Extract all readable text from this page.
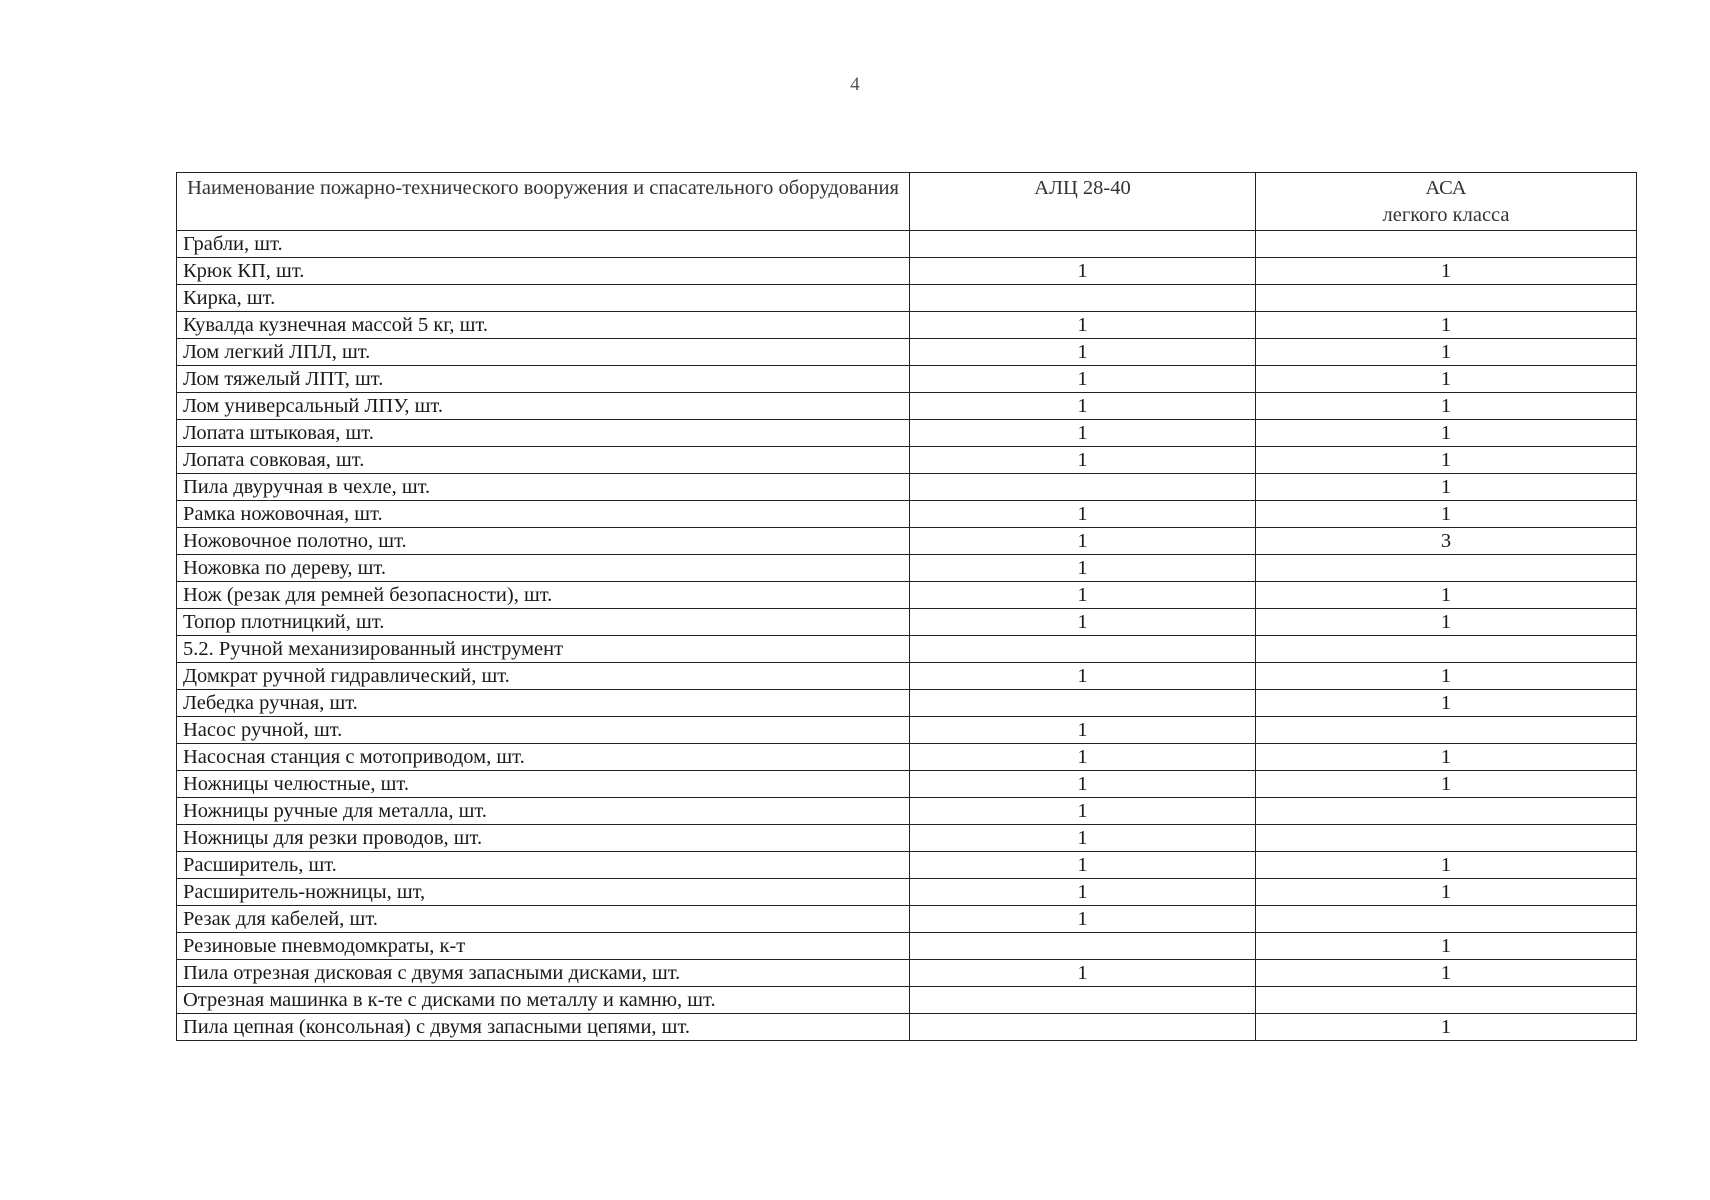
4
Наименование пожарно-технического вооружения и спасательного оборудования	АЛЦ 28-40	АСА
легкого класса

Грабли, шт.		
Крюк КП, шт.	1	1
Кирка, шт.		
Кувалда кузнечная массой 5 кг, шт.	1	1
Лом легкий ЛПЛ, шт.	1	1
Лом тяжелый ЛПТ, шт.	1	1
Лом универсальный ЛПУ, шт.	1	1
Лопата штыковая, шт.	1	1
Лопата совковая, шт.	1	1
Пила двуручная в чехле, шт.		1
Рамка ножовочная, шт.	1	1
Ножовочное полотно, шт.	1	3
Ножовка по дереву, шт.	1	
Нож (резак для ремней безопасности), шт.	1	1
Топор плотницкий, шт.	1	1
5.2. Ручной механизированный инструмент		
Домкрат ручной гидравлический, шт.	1	1
Лебедка ручная, шт.		1
Насос ручной, шт.	1	
Насосная станция с мотоприводом, шт.	1	1
Ножницы челюстные, шт.	1	1
Ножницы ручные для металла, шт.	1	
Ножницы для резки проводов, шт.	1	
Расширитель, шт.	1	1
Расширитель-ножницы, шт,	1	1
Резак для кабелей, шт.	1	
Резиновые пневмодомкраты, к-т		1
Пила отрезная дисковая с двумя запасными дисками, шт.	1	1
Отрезная машинка в к-те с дисками по металлу и камню, шт.		
Пила цепная (консольная) с двумя запасными цепями, шт.		1
